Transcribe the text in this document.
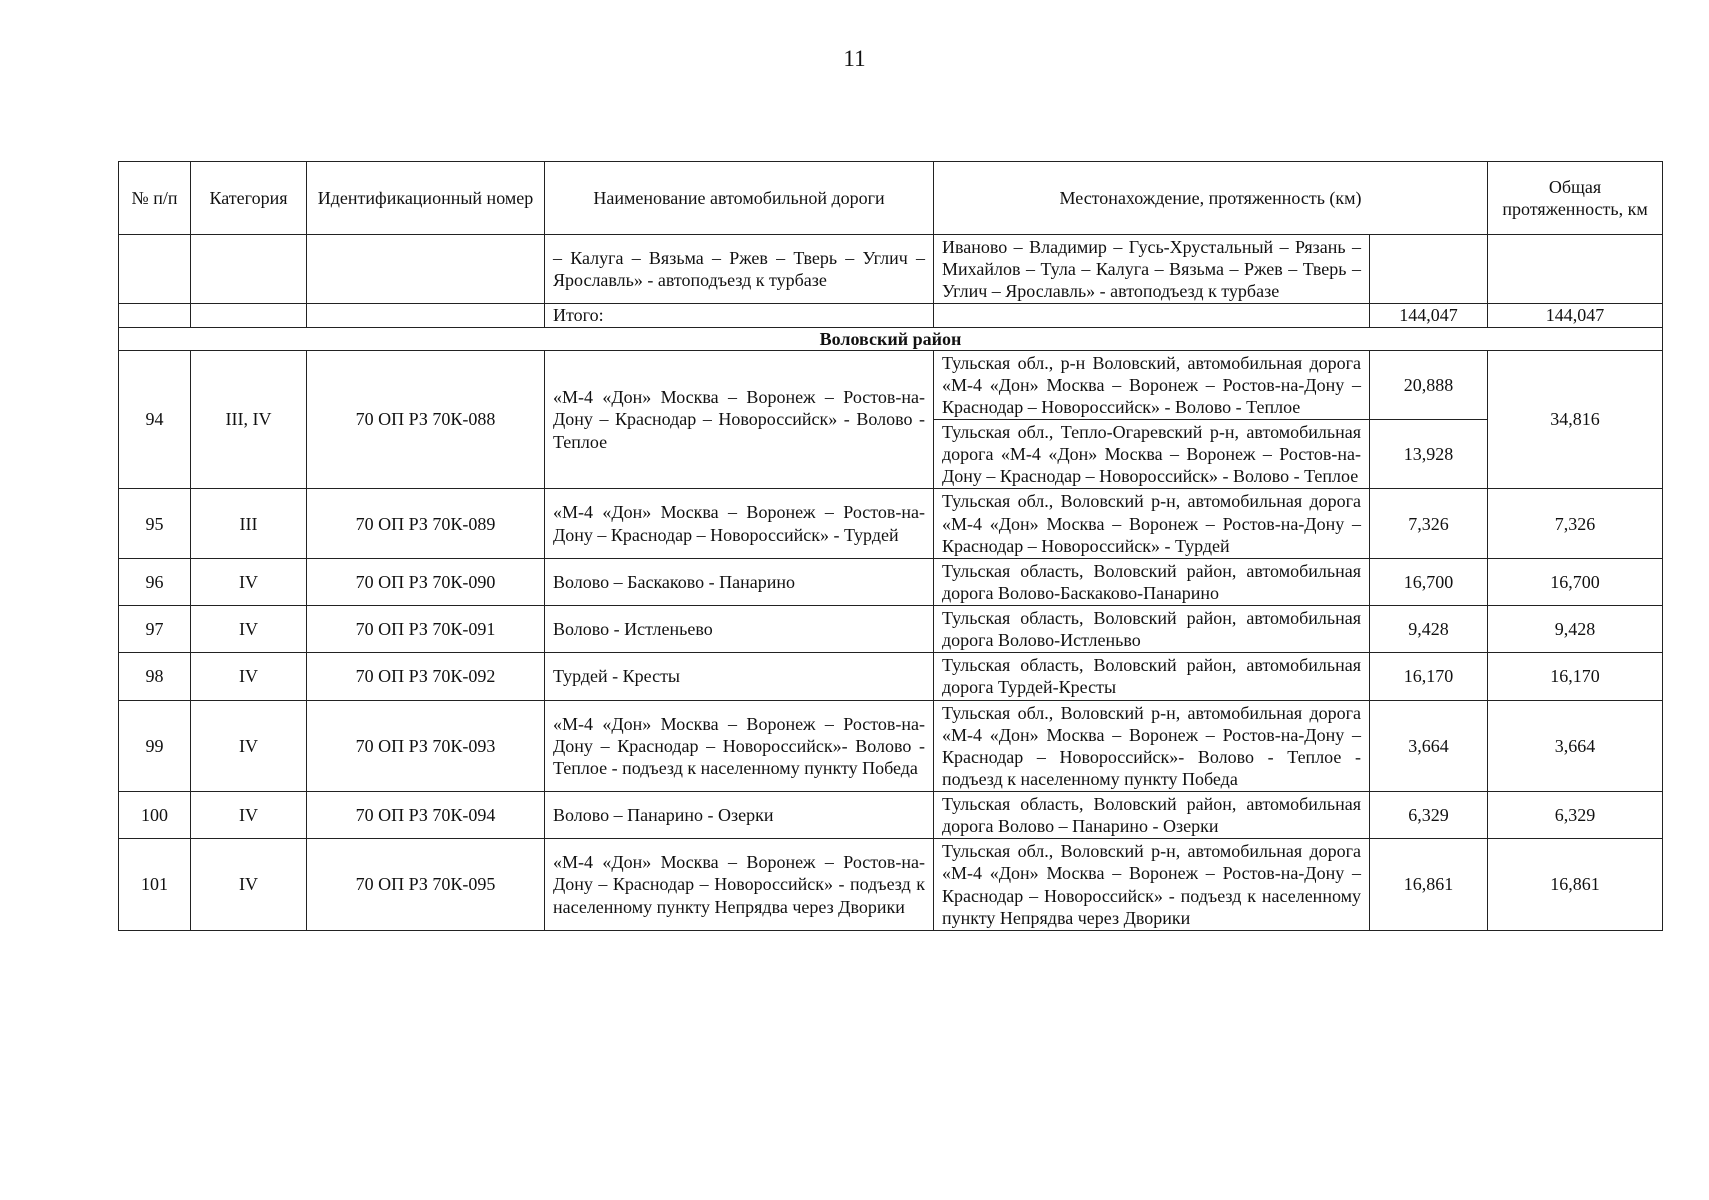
11
№ п/п	Категория	Идентификационный номер	Наименование автомобильной дороги	Местонахождение, протяженность (км)		Общая протяженность, км
			– Калуга – Вязьма – Ржев – Тверь – Углич – Ярославль» - автоподъезд к турбазе	Иваново – Владимир – Гусь-Хрустальный – Рязань – Михайлов – Тула – Калуга – Вязьма – Ржев – Тверь – Углич – Ярославль» - автоподъезд к турбазе		
			Итого:		144,047	144,047
Воловский район						
94	III, IV	70 ОП РЗ 70К-088	«М-4 «Дон» Москва – Воронеж – Ростов-на-Дону – Краснодар – Новороссийск» - Волово - Теплое	Тульская обл., р-н Воловский, автомобильная дорога «М-4 «Дон» Москва – Воронеж – Ростов-на-Дону – Краснодар – Новороссийск» - Волово - Теплое	20,888	34,816
				Тульская обл., Тепло-Огаревский р-н, автомобильная дорога «М-4 «Дон» Москва – Воронеж – Ростов-на-Дону – Краснодар – Новороссийск» - Волово - Теплое	13,928	
95	III	70 ОП РЗ 70К-089	«М-4 «Дон» Москва – Воронеж – Ростов-на-Дону – Краснодар – Новороссийск» - Турдей	Тульская обл., Воловский р-н, автомобильная дорога «М-4 «Дон» Москва – Воронеж – Ростов-на-Дону – Краснодар – Новороссийск» - Турдей	7,326	7,326
96	IV	70 ОП РЗ 70К-090	Волово – Баскаково - Панарино	Тульская область, Воловский район, автомобильная дорога Волово-Баскаково-Панарино	16,700	16,700
97	IV	70 ОП РЗ 70К-091	Волово - Истленьево	Тульская область, Воловский район, автомобильная дорога Волово-Истленьво	9,428	9,428
98	IV	70 ОП РЗ 70К-092	Турдей - Кресты	Тульская область, Воловский район, автомобильная дорога Турдей-Кресты	16,170	16,170
99	IV	70 ОП РЗ 70К-093	«М-4 «Дон» Москва – Воронеж – Ростов-на-Дону – Краснодар – Новороссийск»- Волово - Теплое - подъезд к населенному пункту Победа	Тульская обл., Воловский р-н, автомобильная дорога «М-4 «Дон» Москва – Воронеж – Ростов-на-Дону – Краснодар – Новороссийск»- Волово - Теплое - подъезд к населенному пункту Победа	3,664	3,664
100	IV	70 ОП РЗ 70К-094	Волово – Панарино - Озерки	Тульская область, Воловский район, автомобильная дорога Волово – Панарино - Озерки	6,329	6,329
101	IV	70 ОП РЗ 70К-095	«М-4 «Дон» Москва – Воронеж – Ростов-на-Дону – Краснодар – Новороссийск» - подъезд к населенному пункту Непрядва через Дворики	Тульская обл., Воловский р-н, автомобильная дорога «М-4 «Дон» Москва – Воронеж – Ростов-на-Дону – Краснодар – Новороссийск» - подъезд к населенному пункту Непрядва через Дворики	16,861	16,861
